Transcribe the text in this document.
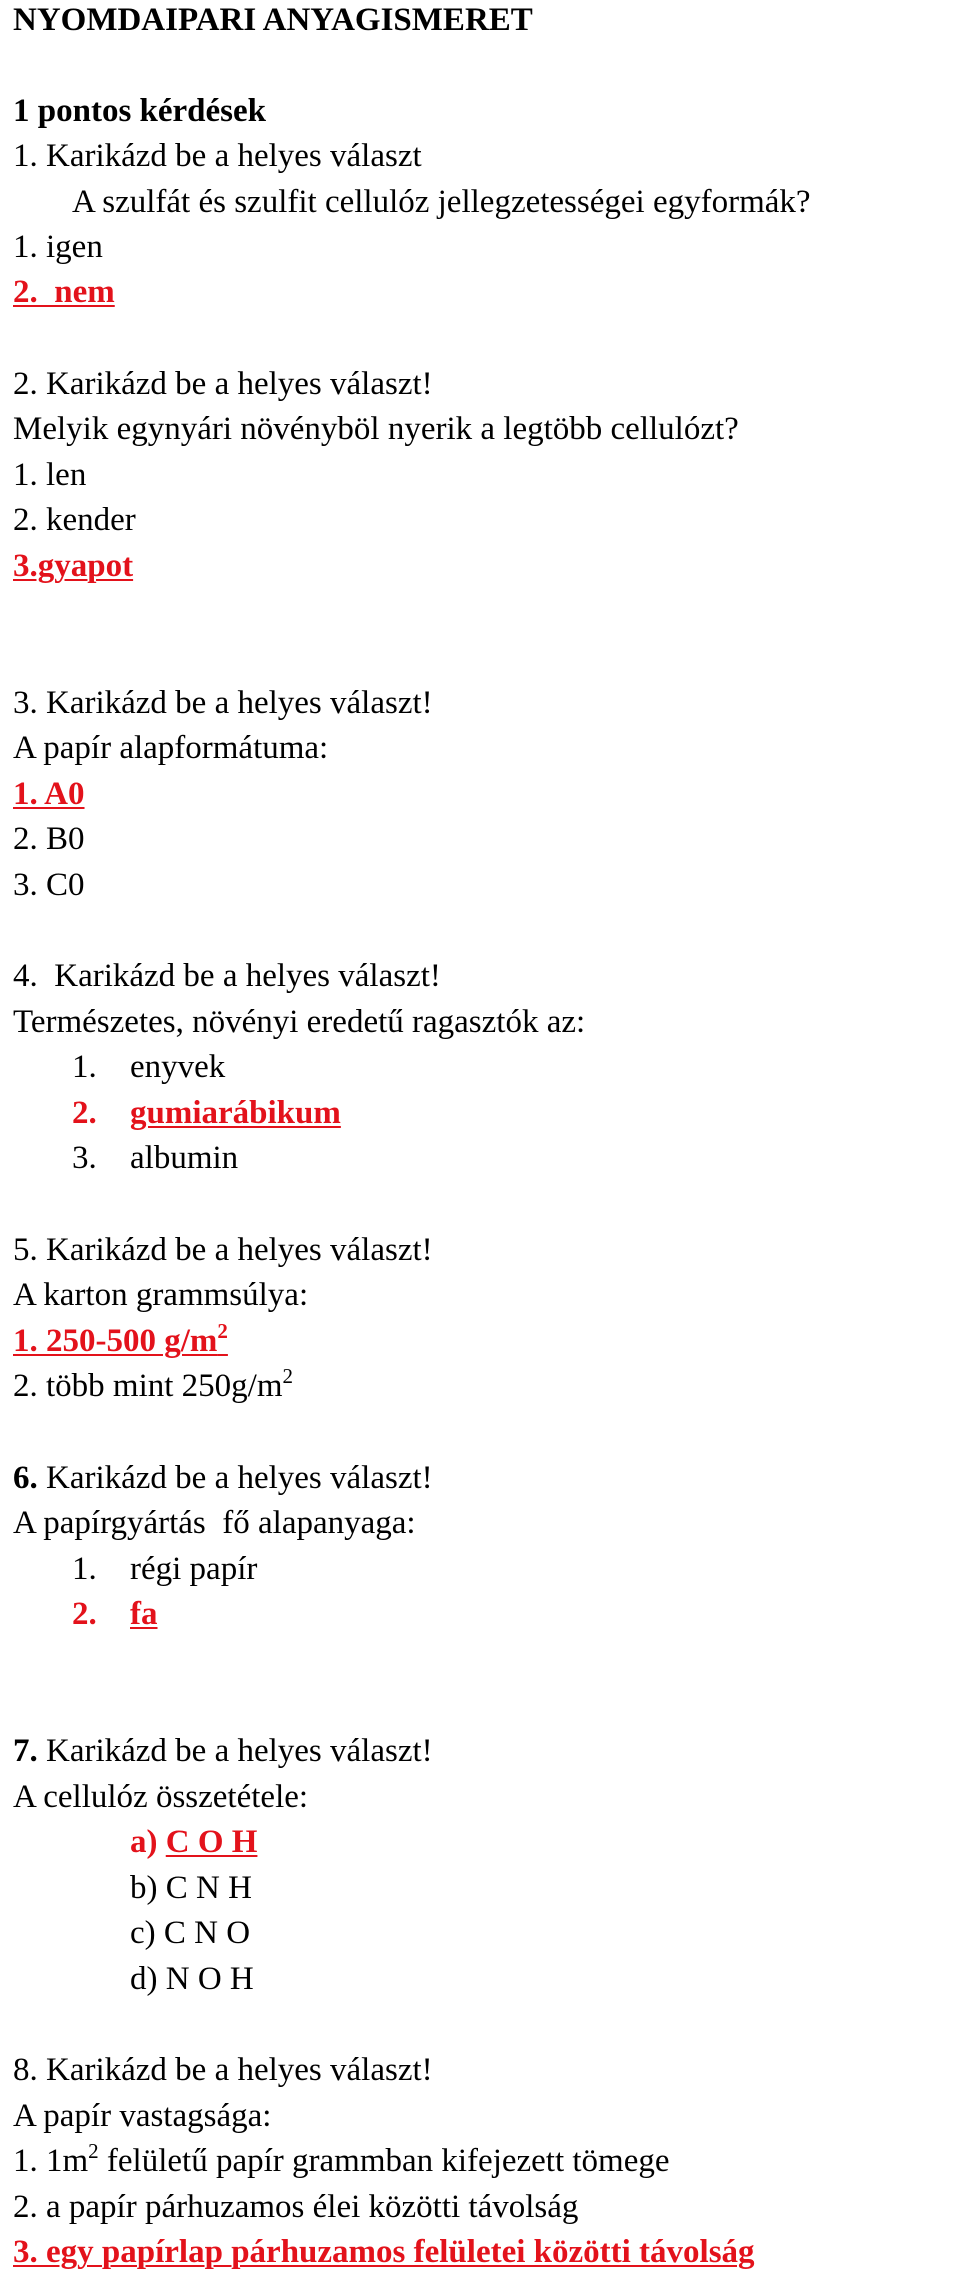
NYOMDAIPARI ANYAGISMERET
1 pontos kérdések
1. Karikázd be a helyes választ
A szulfát és szulfit cellulóz jellegzetességei egyformák?
1. igen
2.  nem
2. Karikázd be a helyes választ!
Melyik egynyári növényböl nyerik a legtöbb cellulózt?
1. len
2. kender
3.gyapot
3. Karikázd be a helyes választ!
A papír alapformátuma:
1. A0
2. B0
3. C0
4.  Karikázd be a helyes választ!
Természetes, növényi eredetű ragasztók az:
1. enyvek
2. gumiarábikum
3. albumin
5. Karikázd be a helyes választ!
A karton grammsúlya:
1. 250-500 $g/m^2$
2. több mint $250g/m^2$
6. Karikázd be a helyes választ!
A papírgyártás  fő alapanyaga:
1. régi papír
2. fa
7. Karikázd be a helyes választ!
A cellulóz összetétele:
a) C O H
b) C N H
c) C N O
d) N O H
8. Karikázd be a helyes választ!
A papír vastagsága:
1. $1m^2$ felületű papír grammban kifejezett tömege
2. a papír párhuzamos élei közötti távolság
3. egy papírlap párhuzamos felületei közötti távolság
